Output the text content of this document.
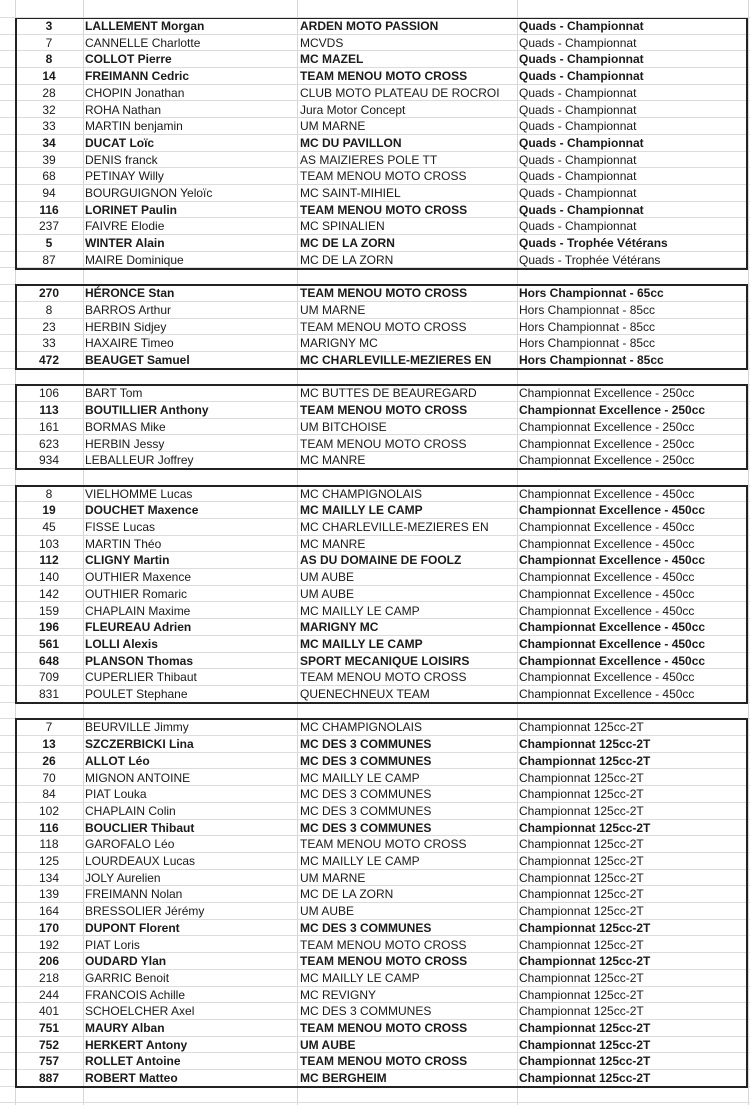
3	LALLEMENT Morgan	ARDEN MOTO PASSION	Quads - Championnat
7	CANNELLE Charlotte	MCVDS	Quads - Championnat
8	COLLOT Pierre	MC MAZEL	Quads - Championnat
14	FREIMANN Cedric	TEAM MENOU MOTO CROSS	Quads - Championnat
28	CHOPIN Jonathan	CLUB MOTO PLATEAU DE ROCROI	Quads - Championnat
32	ROHA Nathan	Jura Motor Concept	Quads - Championnat
33	MARTIN benjamin	UM MARNE	Quads - Championnat
34	DUCAT Loïc	MC DU PAVILLON	Quads - Championnat
39	DENIS franck	AS MAIZIERES POLE TT	Quads - Championnat
68	PETINAY Willy	TEAM MENOU MOTO CROSS	Quads - Championnat
94	BOURGUIGNON Yeloïc	MC SAINT-MIHIEL	Quads - Championnat
116	LORINET Paulin	TEAM MENOU MOTO CROSS	Quads - Championnat
237	FAIVRE Elodie	MC SPINALIEN	Quads - Championnat
5	WINTER Alain	MC DE LA ZORN	Quads - Trophée Vétérans
87	MAIRE Dominique	MC DE LA ZORN	Quads - Trophée Vétérans
270	HÉRONCE Stan	TEAM MENOU MOTO CROSS	Hors Championnat - 65cc
8	BARROS Arthur	UM MARNE	Hors Championnat - 85cc
23	HERBIN Sidjey	TEAM MENOU MOTO CROSS	Hors Championnat - 85cc
33	HAXAIRE Timeo	MARIGNY MC	Hors Championnat - 85cc
472	BEAUGET Samuel	MC CHARLEVILLE-MEZIERES EN	Hors Championnat - 85cc
106	BART Tom	MC BUTTES DE BEAUREGARD	Championnat Excellence - 250cc
113	BOUTILLIER Anthony	TEAM MENOU MOTO CROSS	Championnat Excellence - 250cc
161	BORMAS Mike	UM BITCHOISE	Championnat Excellence - 250cc
623	HERBIN Jessy	TEAM MENOU MOTO CROSS	Championnat Excellence - 250cc
934	LEBALLEUR Joffrey	MC MANRE	Championnat Excellence - 250cc
8	VIELHOMME Lucas	MC CHAMPIGNOLAIS	Championnat Excellence - 450cc
19	DOUCHET Maxence	MC MAILLY LE CAMP	Championnat Excellence - 450cc
45	FISSE Lucas	MC CHARLEVILLE-MEZIERES EN	Championnat Excellence - 450cc
103	MARTIN Théo	MC MANRE	Championnat Excellence - 450cc
112	CLIGNY Martin	AS DU DOMAINE DE FOOLZ	Championnat Excellence - 450cc
140	OUTHIER Maxence	UM AUBE	Championnat Excellence - 450cc
142	OUTHIER Romaric	UM AUBE	Championnat Excellence - 450cc
159	CHAPLAIN Maxime	MC MAILLY LE CAMP	Championnat Excellence - 450cc
196	FLEUREAU Adrien	MARIGNY MC	Championnat Excellence - 450cc
561	LOLLI Alexis	MC MAILLY LE CAMP	Championnat Excellence - 450cc
648	PLANSON Thomas	SPORT MECANIQUE LOISIRS	Championnat Excellence - 450cc
709	CUPERLIER Thibaut	TEAM MENOU MOTO CROSS	Championnat Excellence - 450cc
831	POULET Stephane	QUENECHNEUX TEAM	Championnat Excellence - 450cc
7	BEURVILLE Jimmy	MC CHAMPIGNOLAIS	Championnat 125cc-2T
13	SZCZERBICKI Lina	MC DES 3 COMMUNES	Championnat 125cc-2T
26	ALLOT Léo	MC DES 3 COMMUNES	Championnat 125cc-2T
70	MIGNON ANTOINE	MC MAILLY LE CAMP	Championnat 125cc-2T
84	PIAT Louka	MC DES 3 COMMUNES	Championnat 125cc-2T
102	CHAPLAIN Colin	MC DES 3 COMMUNES	Championnat 125cc-2T
116	BOUCLIER Thibaut	MC DES 3 COMMUNES	Championnat 125cc-2T
118	GAROFALO Léo	TEAM MENOU MOTO CROSS	Championnat 125cc-2T
125	LOURDEAUX Lucas	MC MAILLY LE CAMP	Championnat 125cc-2T
134	JOLY Aurelien	UM MARNE	Championnat 125cc-2T
139	FREIMANN Nolan	MC DE LA ZORN	Championnat 125cc-2T
164	BRESSOLIER Jérémy	UM AUBE	Championnat 125cc-2T
170	DUPONT Florent	MC DES 3 COMMUNES	Championnat 125cc-2T
192	PIAT Loris	TEAM MENOU MOTO CROSS	Championnat 125cc-2T
206	OUDARD Ylan	TEAM MENOU MOTO CROSS	Championnat 125cc-2T
218	GARRIC Benoit	MC MAILLY LE CAMP	Championnat 125cc-2T
244	FRANCOIS Achille	MC REVIGNY	Championnat 125cc-2T
401	SCHOELCHER Axel	MC DES 3 COMMUNES	Championnat 125cc-2T
751	MAURY Alban	TEAM MENOU MOTO CROSS	Championnat 125cc-2T
752	HERKERT Antony	UM AUBE	Championnat 125cc-2T
757	ROLLET Antoine	TEAM MENOU MOTO CROSS	Championnat 125cc-2T
887	ROBERT Matteo	MC BERGHEIM	Championnat 125cc-2T
